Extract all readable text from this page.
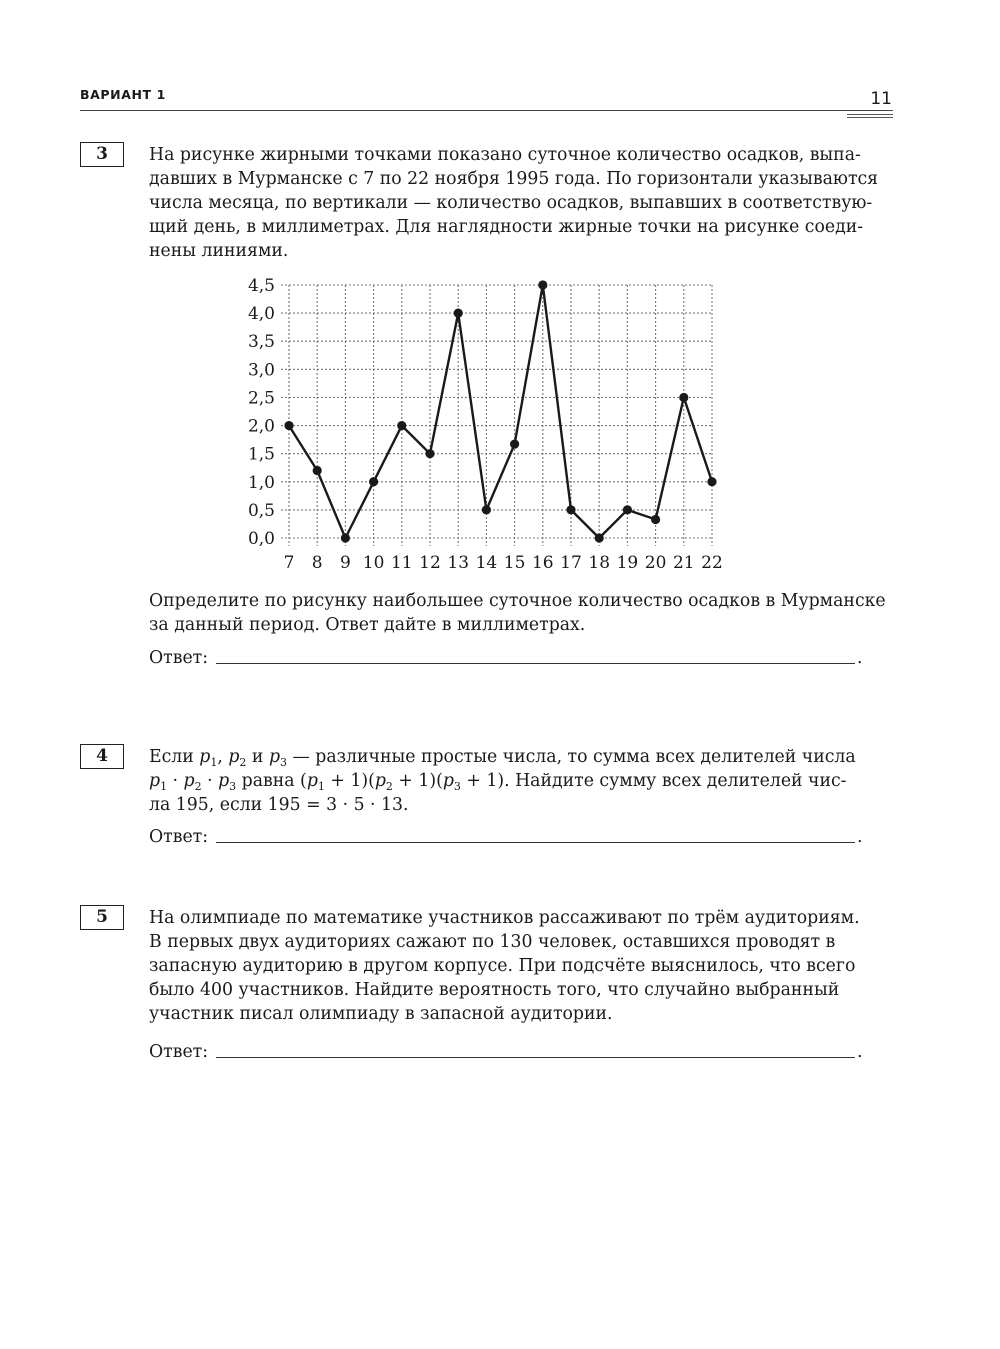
ВАРИАНТ 1	11
3	На рисунке жирными точками показано суточное количество осадков, выпа-

давших в Мурманске с 7 по 22 ноября 1995 года. По горизонтали указываются

числа месяца, по вертикали — количество осадков, выпавших в соответствую-

щий день, в миллиметрах. Для наглядности жирные точки на рисунке соеди-

нены линиями.

0,0
0,5
1,0
1,5
2,0
2,5
3,0
3,5
4,0
4,5
7 8 9 10 11 12 13 14 15 16 17 18 19 20 21 22

Определите по рисунку наибольшее суточное количество осадков в Мурманске

за данный период. Ответ дайте в миллиметрах.

Ответ:	.
4	Если $p_1$, $p_2$ и $p_3$ — различные простые числа, то сумма всех делителей числа

$p_1 \cdot p_2 \cdot p_3$ равна $(p_1 + 1)(p_2 + 1)(p_3 + 1)$. Найдите сумму всех делителей чис-

ла 195, если 195 = 3 · 5 · 13.

Ответ:	.
5	На олимпиаде по математике участников рассаживают по трём аудиториям.

В первых двух аудиториях сажают по 130 человек, оставшихся проводят в

запасную аудиторию в другом корпусе. При подсчёте выяснилось, что всего

было 400 участников. Найдите вероятность того, что случайно выбранный

участник писал олимпиаду в запасной аудитории.

Ответ:	.
